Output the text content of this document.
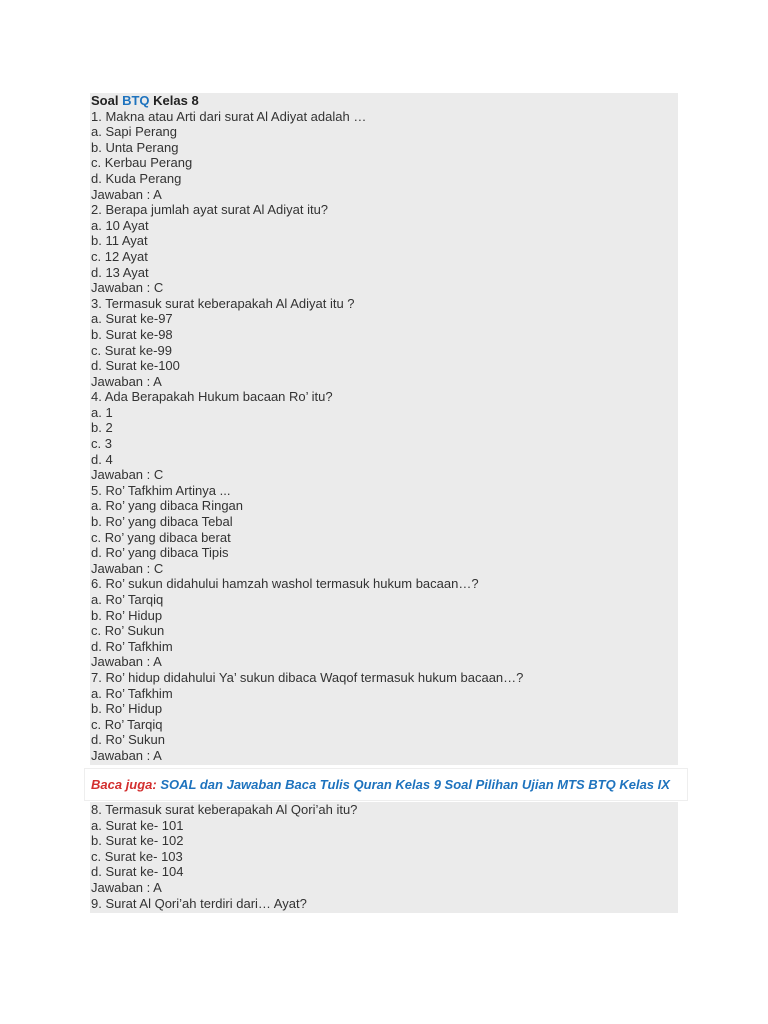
Soal BTQ Kelas 8
1. Makna atau Arti dari surat Al Adiyat adalah …
a. Sapi Perang
b. Unta Perang
c. Kerbau Perang
d. Kuda Perang
Jawaban : A
2. Berapa jumlah ayat surat Al Adiyat itu?
a. 10 Ayat
b. 11 Ayat
c. 12 Ayat
d. 13 Ayat
Jawaban : C
3. Termasuk surat keberapakah Al Adiyat itu ?
a. Surat ke-97
b. Surat ke-98
c. Surat ke-99
d. Surat ke-100
Jawaban : A
4. Ada Berapakah Hukum bacaan Ro’ itu?
a. 1
b. 2
c. 3
d. 4
Jawaban : C
5. Ro’ Tafkhim Artinya ...
a. Ro’ yang dibaca Ringan
b. Ro’ yang dibaca Tebal
c. Ro’ yang dibaca berat
d. Ro’ yang dibaca Tipis
Jawaban : C
6. Ro’ sukun didahului hamzah washol termasuk hukum bacaan…?
a. Ro’ Tarqiq
b. Ro’ Hidup
c. Ro’ Sukun
d. Ro’ Tafkhim
Jawaban : A
7. Ro’ hidup didahului Ya’ sukun dibaca Waqof termasuk hukum bacaan…?
a. Ro’ Tafkhim
b. Ro’ Hidup
c. Ro’ Tarqiq
d. Ro’ Sukun
Jawaban : A
Baca juga: SOAL dan Jawaban Baca Tulis Quran Kelas 9 Soal Pilihan Ujian MTS BTQ Kelas IX
8. Termasuk surat keberapakah Al Qori’ah itu?
a. Surat ke- 101
b. Surat ke- 102
c. Surat ke- 103
d. Surat ke- 104
Jawaban : A
9. Surat Al Qori’ah terdiri dari… Ayat?
